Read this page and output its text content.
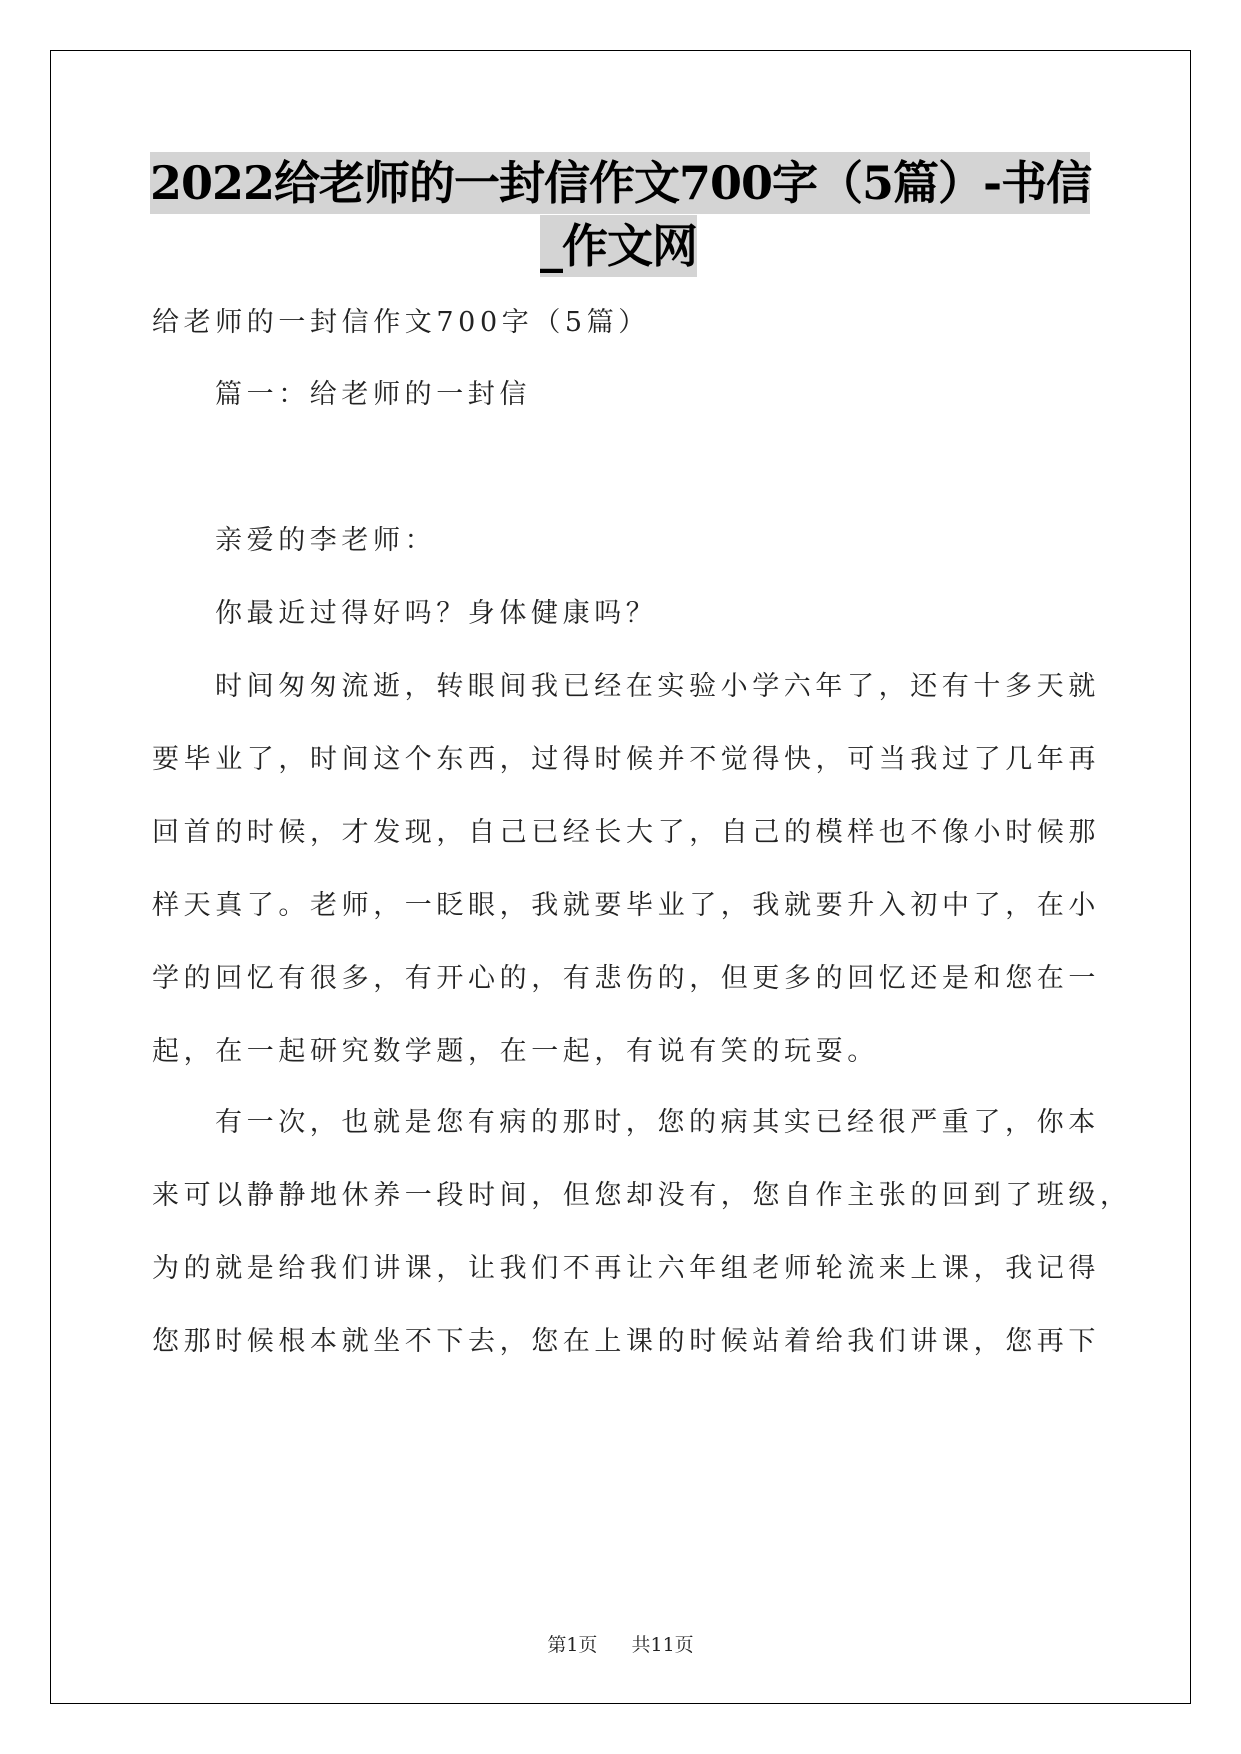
2022给老师的一封信作文700字（5篇）-书信
_作文网
给老师的一封信作文700字（5篇）
篇一：给老师的一封信
亲爱的李老师：
你最近过得好吗？身体健康吗？
时间匆匆流逝，转眼间我已经在实验小学六年了，还有十多天就
要毕业了，时间这个东西，过得时候并不觉得快，可当我过了几年再
回首的时候，才发现，自己已经长大了，自己的模样也不像小时候那
样天真了。老师，一眨眼，我就要毕业了，我就要升入初中了，在小
学的回忆有很多，有开心的，有悲伤的，但更多的回忆还是和您在一
起，在一起研究数学题，在一起，有说有笑的玩耍。
有一次，也就是您有病的那时，您的病其实已经很严重了，你本
来可以静静地休养一段时间，但您却没有，您自作主张的回到了班级，
为的就是给我们讲课，让我们不再让六年组老师轮流来上课，我记得
您那时候根本就坐不下去，您在上课的时候站着给我们讲课，您再下
第1页 共11页
